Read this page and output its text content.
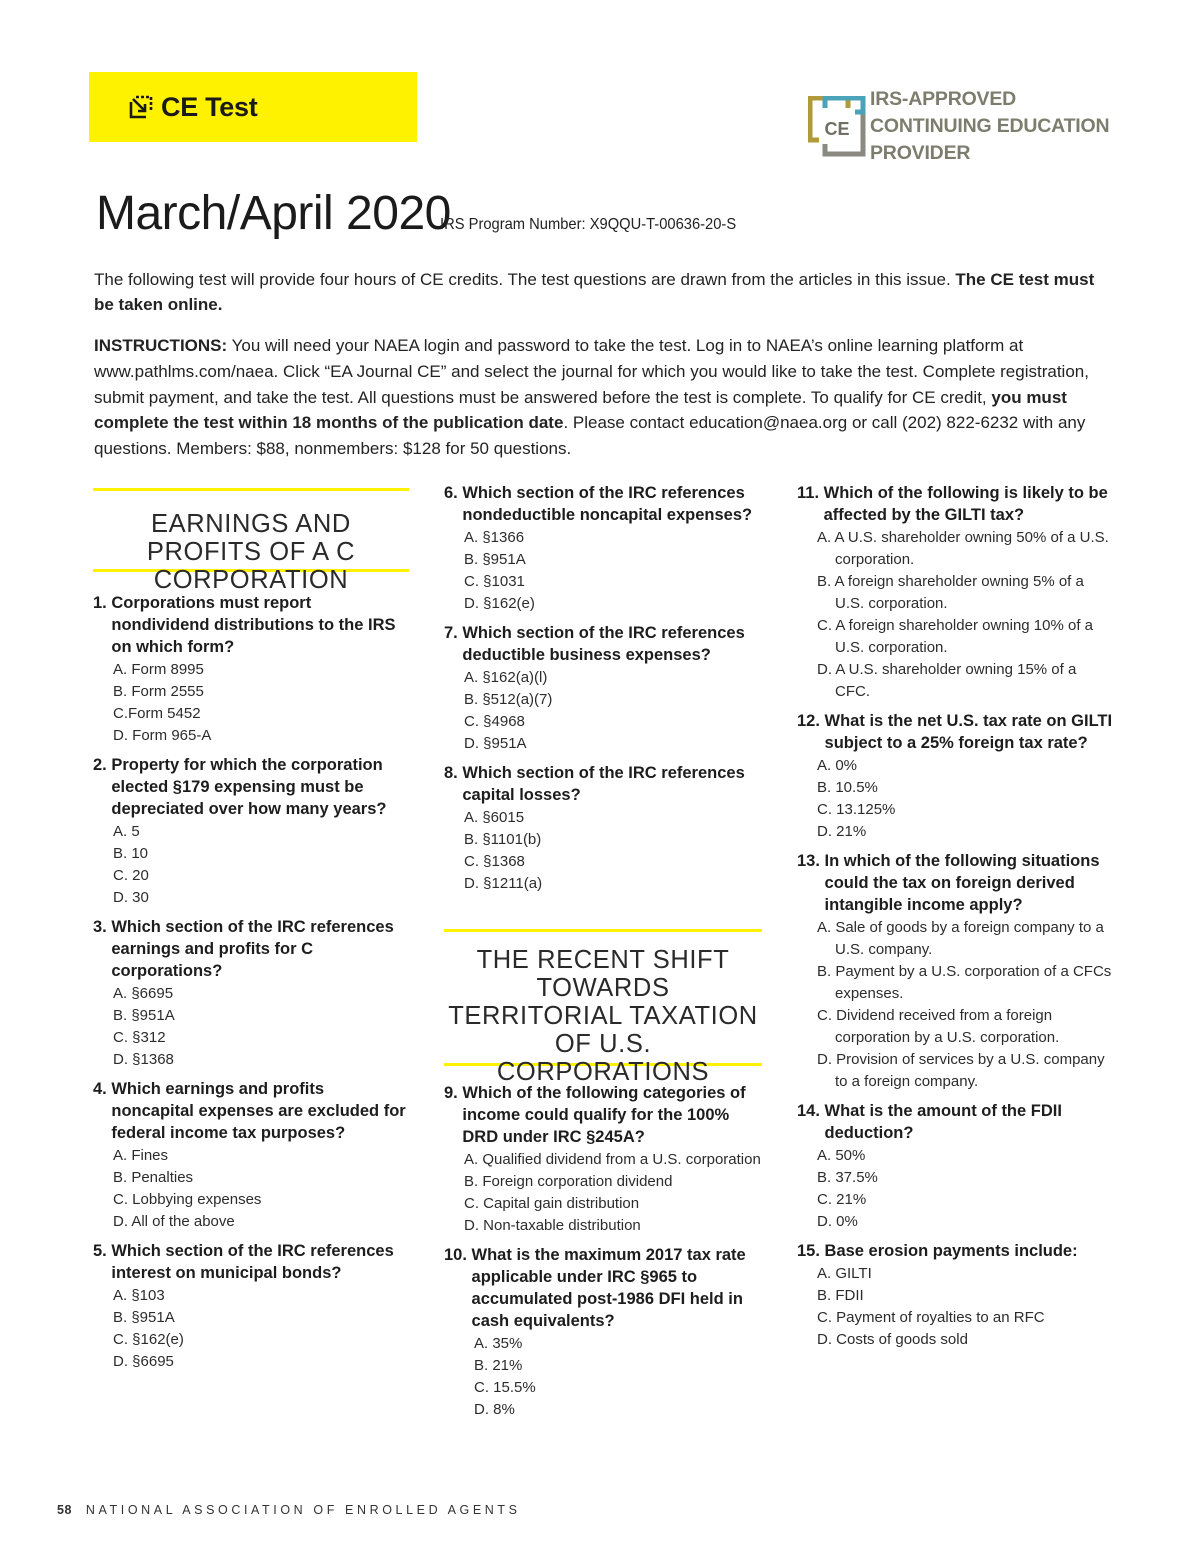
CE Test
CE
IRS-APPROVED
CONTINUING EDUCATION
PROVIDER
March/April 2020
IRS Program Number: X9QQU-T-00636-20-S
The following test will provide four hours of CE credits. The test questions are drawn from the articles in this issue. The CE test must be taken online.
INSTRUCTIONS: You will need your NAEA login and password to take the test. Log in to NAEA’s online learning platform at www.pathlms.com/naea. Click “EA Journal CE” and select the journal for which you would like to take the test. Complete registration, submit payment, and take the test. All questions must be answered before the test is complete. To qualify for CE credit, you must complete the test within 18 months of the publication date. Please contact education@naea.org or call (202) 822-6232 with any questions. Members: $88, nonmembers: $128 for 50 questions.
EARNINGS AND PROFITS OF A C CORPORATION
1. Corporations must report nondividend distributions to the IRS on which form?
A. Form 8995
B. Form 2555
C.Form 5452
D. Form 965-A
2. Property for which the corporation elected §179 expensing must be depreciated over how many years?
A. 5
B. 10
C. 20
D. 30
3. Which section of the IRC references earnings and profits for C corporations?
A. §6695
B. §951A
C. §312
D. §1368
4. Which earnings and profits noncapital expenses are excluded for federal income tax purposes?
A. Fines
B. Penalties
C. Lobbying expenses
D. All of the above
5. Which section of the IRC references interest on municipal bonds?
A. §103
B. §951A
C. §162(e)
D. §6695
6. Which section of the IRC references nondeductible noncapital expenses?
A. §1366
B. §951A
C. §1031
D. §162(e)
7. Which section of the IRC references deductible business expenses?
A. §162(a)(l)
B. §512(a)(7)
C. §4968
D. §951A
8. Which section of the IRC references capital losses?
A. §6015
B. §1101(b)
C. §1368
D. §1211(a)
THE RECENT SHIFT TOWARDS TERRITORIAL TAXATION OF U.S. CORPORATIONS
9. Which of the following categories of income could qualify for the 100% DRD under IRC §245A?
A. Qualified dividend from a U.S. corporation
B. Foreign corporation dividend
C. Capital gain distribution
D. Non-taxable distribution
10. What is the maximum 2017 tax rate applicable under IRC §965 to accumulated post-1986 DFI held in cash equivalents?
A. 35%
B. 21%
C. 15.5%
D. 8%
11. Which of the following is likely to be affected by the GILTI tax?
A. A U.S. shareholder owning 50% of a U.S. corporation.
B. A foreign shareholder owning 5% of a U.S. corporation.
C. A foreign shareholder owning 10% of a U.S. corporation.
D. A U.S. shareholder owning 15% of a CFC.
12. What is the net U.S. tax rate on GILTI subject to a 25% foreign tax rate?
A. 0%
B. 10.5%
C. 13.125%
D. 21%
13. In which of the following situations could the tax on foreign derived intangible income apply?
A. Sale of goods by a foreign company to a U.S. company.
B. Payment by a U.S. corporation of a CFCs expenses.
C. Dividend received from a foreign corporation by a U.S. corporation.
D. Provision of services by a U.S. company to a foreign company.
14. What is the amount of the FDII deduction?
A. 50%
B. 37.5%
C. 21%
D. 0%
15. Base erosion payments include:
A. GILTI
B. FDII
C. Payment of royalties to an RFC
D. Costs of goods sold
58 NATIONAL ASSOCIATION OF ENROLLED AGENTS
